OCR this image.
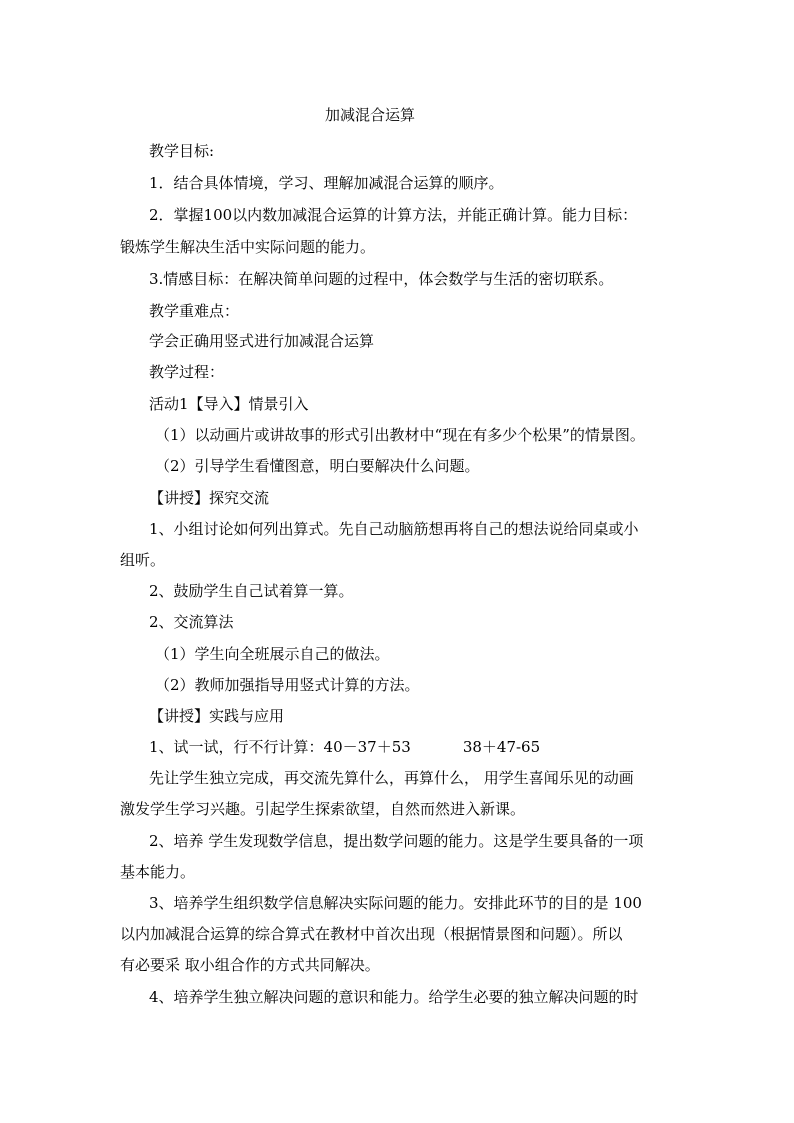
加减混合运算
教学目标:
1．结合具体情境，学习、理解加减混合运算的顺序。
2．掌握100以内数加减混合运算的计算方法，并能正确计算。能力目标：
锻炼学生解决生活中实际问题的能力。
3.情感目标：在解决简单问题的过程中，体会数学与生活的密切联系。
教学重难点：
学会正确用竖式进行加减混合运算
教学过程：
活动1【导入】情景引入
（1）以动画片或讲故事的形式引出教材中“现在有多少个松果”的情景图。
（2）引导学生看懂图意，明白要解决什么问题。
【讲授】探究交流
1、小组讨论如何列出算式。先自己动脑筋想再将自己的想法说给同桌或小
组听。
2、鼓励学生自己试着算一算。
2、交流算法
（1）学生向全班展示自己的做法。
（2）教师加强指导用竖式计算的方法。
【讲授】实践与应用
1、试一试，行不行计算：40－37＋53	38＋47-65
先让学生独立完成，再交流先算什么，再算什么， 用学生喜闻乐见的动画
激发学生学习兴趣。引起学生探索欲望，自然而然进入新课。
2、培养 学生发现数学信息，提出数学问题的能力。这是学生要具备的一项
基本能力。
3、培养学生组织数学信息解决实际问题的能力。安排此环节的目的是 100
以内加减混合运算的综合算式在教材中首次出现（根据情景图和问题）。所以
有必要采 取小组合作的方式共同解决。
4、培养学生独立解决问题的意识和能力。给学生必要的独立解决问题的时
